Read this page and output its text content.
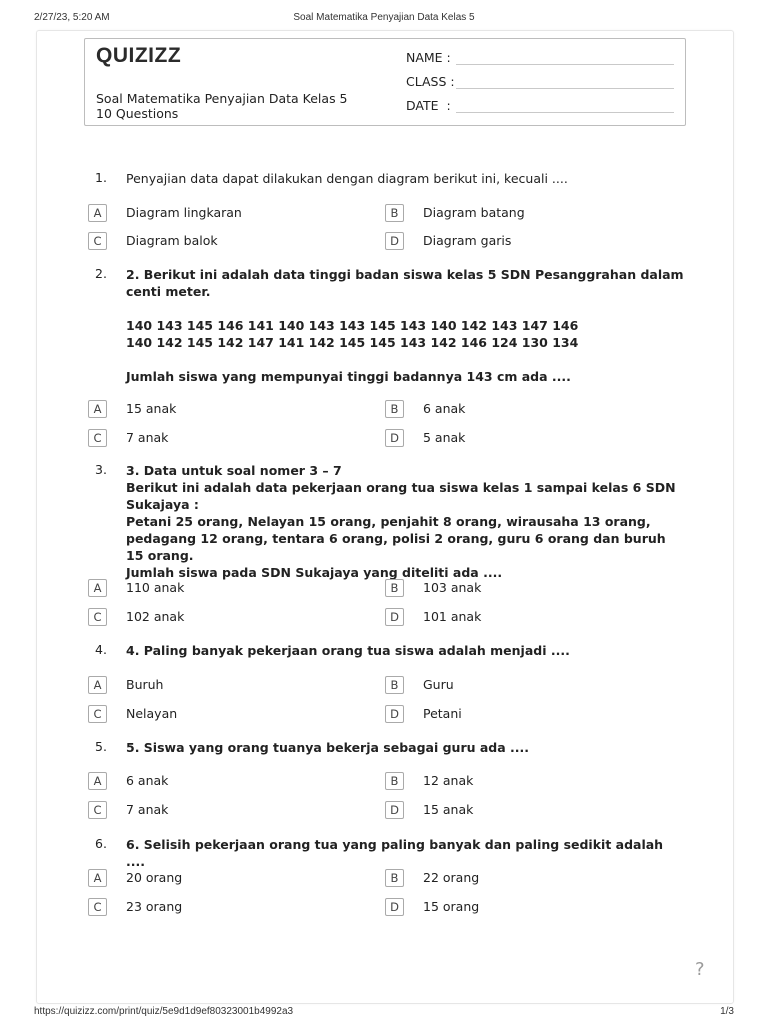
2/27/23, 5:20 AM	Soal Matematika Penyajian Data Kelas 5
QUIZIZZ
Soal Matematika Penyajian Data Kelas 5
10 Questions
NAME :
CLASS :
DATE  :
1. Penyajian data dapat dilakukan dengan diagram berikut ini, kecuali ....
A	Diagram lingkaran	B	Diagram batang
C	Diagram balok	D	Diagram garis
2. 2. Berikut ini adalah data tinggi badan siswa kelas 5 SDN Pesanggrahan dalam centi meter.
140 143 145 146 141 140 143 143 145 143 140 142 143 147 146
140 142 145 142 147 141 142 145 145 143 142 146 124 130 134
Jumlah siswa yang mempunyai tinggi badannya 143 cm ada ....
A	15 anak	B	6 anak
C	7 anak	D	5 anak
3. 3. Data untuk soal nomer 3 – 7
Berikut ini adalah data pekerjaan orang tua siswa kelas 1 sampai kelas 6 SDN Sukajaya :
Petani 25 orang, Nelayan 15 orang, penjahit 8 orang, wirausaha 13 orang, pedagang 12 orang, tentara 6 orang, polisi 2 orang, guru 6 orang dan buruh 15 orang.
Jumlah siswa pada SDN Sukajaya yang diteliti ada ....
A	110 anak	B	103 anak
C	102 anak	D	101 anak
4. 4. Paling banyak pekerjaan orang tua siswa adalah menjadi ....
A	Buruh	B	Guru
C	Nelayan	D	Petani
5. 5. Siswa yang orang tuanya bekerja sebagai guru ada ....
A	6 anak	B	12 anak
C	7 anak	D	15 anak
6. 6. Selisih pekerjaan orang tua yang paling banyak dan paling sedikit adalah ....
A	20 orang	B	22 orang
C	23 orang	D	15 orang
?
https://quizizz.com/print/quiz/5e9d1d9ef80323001b4992a3	1/3
